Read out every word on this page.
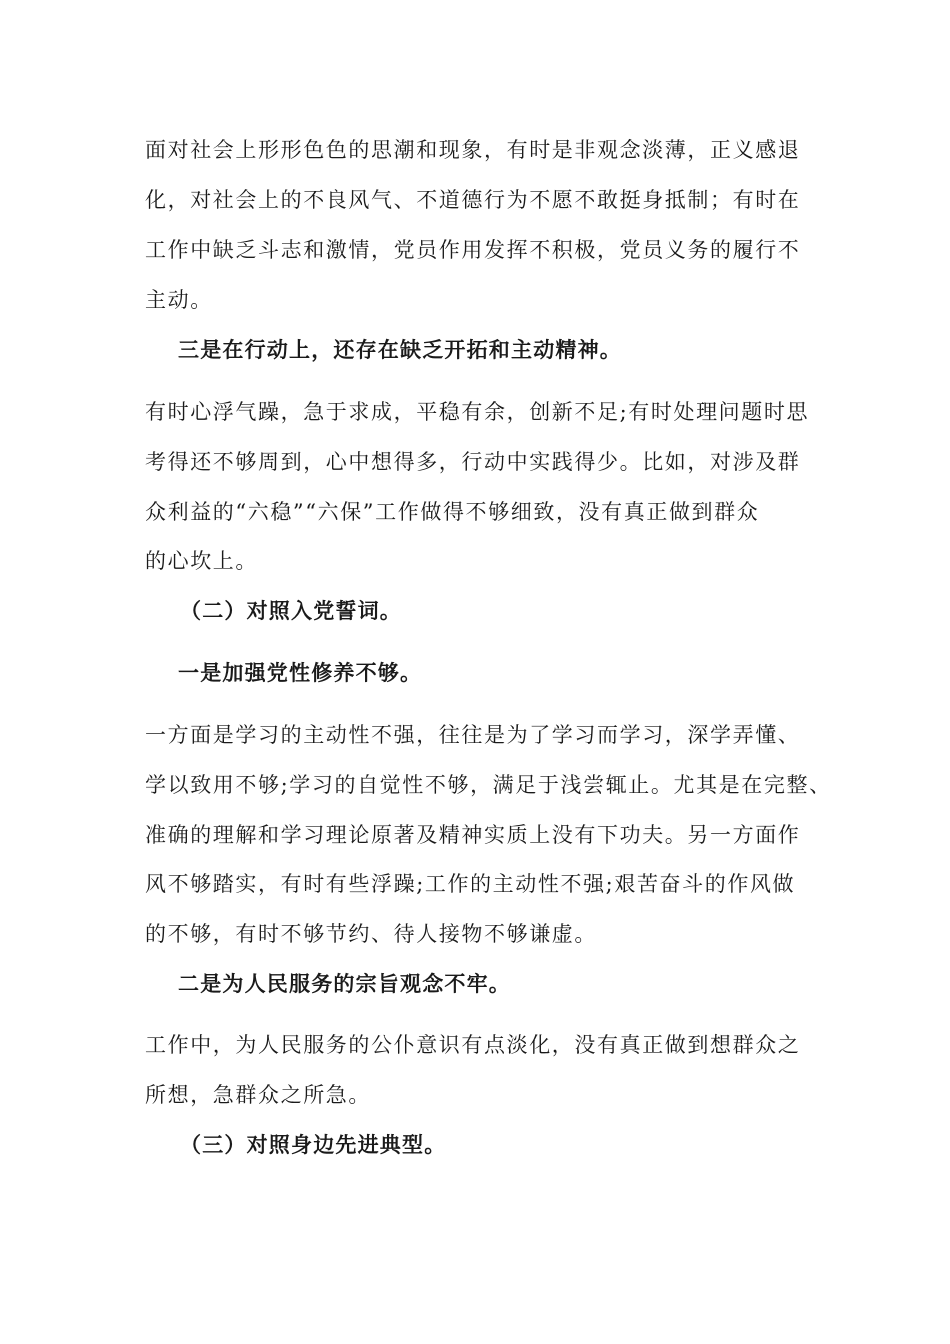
面对社会上形形色色的思潮和现象，有时是非观念淡薄，正义感退
化，对社会上的不良风气、不道德行为不愿不敢挺身抵制；有时在
工作中缺乏斗志和激情，党员作用发挥不积极，党员义务的履行不
主动。
三是在行动上，还存在缺乏开拓和主动精神。
有时心浮气躁，急于求成，平稳有余，创新不足;有时处理问题时思
考得还不够周到，心中想得多，行动中实践得少。比如，对涉及群
众利益的“六稳”“六保”工作做得不够细致，没有真正做到群众
的心坎上。
（二）对照入党誓词。
一是加强党性修养不够。
一方面是学习的主动性不强，往往是为了学习而学习，深学弄懂、
学以致用不够;学习的自觉性不够，满足于浅尝辄止。尤其是在完整、
准确的理解和学习理论原著及精神实质上没有下功夫。另一方面作
风不够踏实，有时有些浮躁;工作的主动性不强;艰苦奋斗的作风做
的不够，有时不够节约、待人接物不够谦虚。
二是为人民服务的宗旨观念不牢。
工作中，为人民服务的公仆意识有点淡化，没有真正做到想群众之
所想，急群众之所急。
（三）对照身边先进典型。
